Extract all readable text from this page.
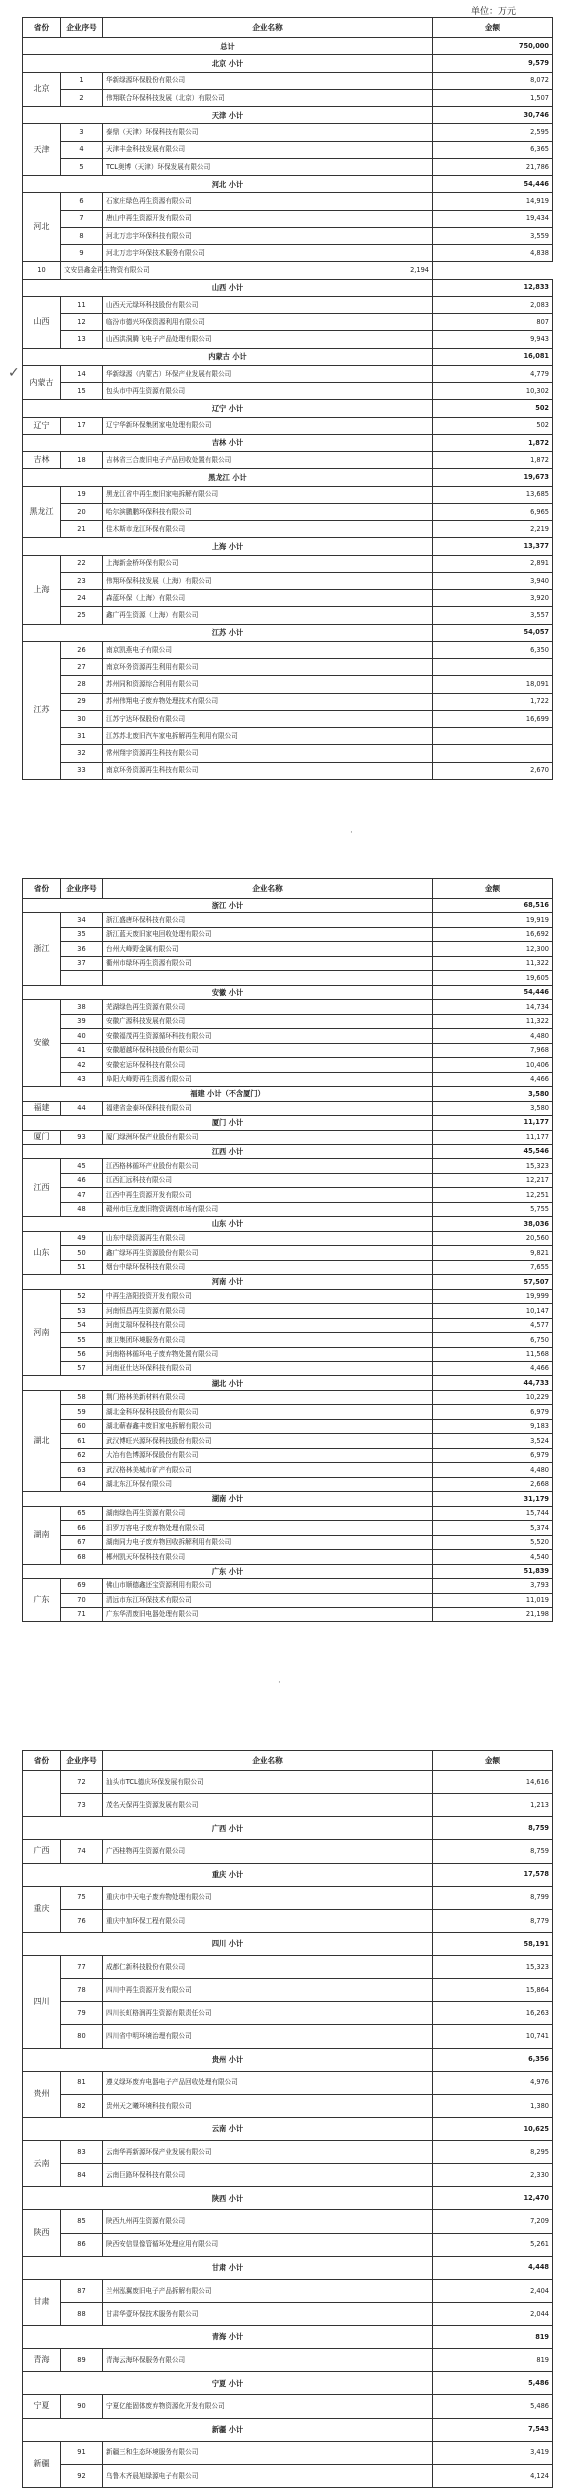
单位：万元
省份	企业序号	企业名称	金额
总计			750,000
北京 小计			9,579
北京	1	华新绿源环保股份有限公司	8,072
	2	伟翔联合环保科技发展（北京）有限公司	1,507
天津 小计			30,746
天津	3	泰鼎（天津）环保科技有限公司	2,595
	4	天津丰金科技发展有限公司	6,365
	5	TCL奥博（天津）环保发展有限公司	21,786
河北 小计			54,446
河北	6	石家庄绿色再生资源有限公司	14,919
	7	唐山中再生资源开发有限公司	19,434
	8	河北万忠宇环保科技有限公司	3,559
	9	河北万忠宇环保技术服务有限公司	4,838
10	文安县鑫金再生物资有限公司	2,194	
山西 小计			12,833
山西	11	山西天元绿环科技股份有限公司	2,083
	12	临汾市德兴环保资源利用有限公司	807
	13	山西洪洞腾飞电子产品处理有限公司	9,943
内蒙古 小计			16,081
内蒙古	14	华新绿源（内蒙古）环保产业发展有限公司	4,779
	15	包头市中再生资源有限公司	10,302
辽宁 小计			502
辽宁	17	辽宁华新环保集团家电处理有限公司	502
吉林 小计			1,872
吉林	18	吉林省三合废旧电子产品回收处置有限公司	1,872
黑龙江 小计			19,673
黑龙江	19	黑龙江省中再生废旧家电拆解有限公司	13,685
	20	哈尔滨鹏鹏环保科技有限公司	6,965
	21	佳木斯市龙江环保有限公司	2,219
上海 小计			13,377
上海	22	上海新金桥环保有限公司	2,891
	23	伟翔环保科技发展（上海）有限公司	3,940
	24	森蓝环保（上海）有限公司	3,920
	25	鑫广再生资源（上海）有限公司	3,557
江苏 小计			54,057
江苏	26	南京凯燕电子有限公司	6,350
	27	南京环务资源再生利用有限公司	
	28	苏州同和资源综合利用有限公司	18,091
	29	苏州伟翔电子废弃物处理技术有限公司	1,722
	30	江苏宁达环保股份有限公司	16,699
	31	江苏苏北废旧汽车家电拆解再生利用有限公司	
	32	常州翔宇资源再生科技有限公司	
	33	南京环务资源再生科技有限公司	2,670
·
省份	企业序号	企业名称	金额
浙江 小计			68,516
浙江	34	浙江盛唐环保科技有限公司	19,919
	35	浙江蓝天废旧家电回收处理有限公司	16,692
	36	台州大峰野金属有限公司	12,300
	37	衢州市绿环再生资源有限公司	11,322
			19,605
安徽 小计			54,446
安徽	38	芜湖绿色再生资源有限公司	14,734
	39	安徽广源科技发展有限公司	11,322
	40	安徽福茂再生资源循环科技有限公司	4,480
	41	安徽超越环保科技股份有限公司	7,968
	42	安徽宏运环保科技有限公司	10,406
	43	阜阳大峰野再生资源有限公司	4,466
福建 小计（不含厦门）			3,580
福建	44	福建省金泰环保科技有限公司	3,580
厦门 小计			11,177
厦门	93	厦门绿洲环保产业股份有限公司	11,177
江西 小计			45,546
江西	45	江西格林循环产业股份有限公司	15,323
	46	江西汇远科技有限公司	12,217
	47	江西中再生资源开发有限公司	12,251
	48	赣州市巨龙废旧物资调剂市场有限公司	5,755
山东 小计			38,036
山东	49	山东中绿资源再生有限公司	20,560
	50	鑫广绿环再生资源股份有限公司	9,821
	51	烟台中绿环保科技有限公司	7,655
河南 小计			57,507
河南	52	中再生洛阳投资开发有限公司	19,999
	53	河南恒昌再生资源有限公司	10,147
	54	河南艾瑞环保科技有限公司	4,577
	55	康卫集团环境服务有限公司	6,750
	56	河南格林循环电子废弃物处置有限公司	11,568
	57	河南亚仕达环保科技有限公司	4,466
湖北 小计			44,733
湖北	58	荆门格林美新材料有限公司	10,229
	59	湖北金科环保科技股份有限公司	6,979
	60	湖北蕲春鑫丰废旧家电拆解有限公司	9,183
	61	武汉博旺兴源环保科技股份有限公司	3,524
	62	大冶有色博源环保股份有限公司	6,979
	63	武汉格林美城市矿产有限公司	4,480
	64	湖北东江环保有限公司	2,668
湖南 小计			31,179
湖南	65	湖南绿色再生资源有限公司	15,744
	66	汨罗万容电子废弃物处理有限公司	5,374
	67	湖南同力电子废弃物回收拆解利用有限公司	5,520
	68	郴州凯天环保科技有限公司	4,540
广东 小计			51,839
广东	69	佛山市顺德鑫还宝资源利用有限公司	3,793
	70	清远市东江环保技术有限公司	11,019
	71	广东华清废旧电器处理有限公司	21,198
·
省份	企业序号	企业名称	金额
	72	汕头市TCL德庆环保发展有限公司	14,616
	73	茂名天保再生资源发展有限公司	1,213
广西 小计			8,759
广西	74	广西桂物再生资源有限公司	8,759
重庆 小计			17,578
重庆	75	重庆市中天电子废弃物处理有限公司	8,799
	76	重庆中加环保工程有限公司	8,779
四川 小计			58,191
四川	77	成都仁新科技股份有限公司	15,323
	78	四川中再生资源开发有限公司	15,864
	79	四川长虹格润再生资源有限责任公司	16,263
	80	四川省中明环境治理有限公司	10,741
贵州 小计			6,356
贵州	81	遵义绿环废弃电器电子产品回收处理有限公司	4,976
	82	贵州天之曦环境科技有限公司	1,380
云南 小计			10,625
云南	83	云南华再新源环保产业发展有限公司	8,295
	84	云南巨路环保科技有限公司	2,330
陕西 小计			12,470
陕西	85	陕西九州再生资源有限公司	7,209
	86	陕西安信显像管循环处理应用有限公司	5,261
甘肃 小计			4,448
甘肃	87	兰州泓翼废旧电子产品拆解有限公司	2,404
	88	甘肃华壹环保技术服务有限公司	2,044
青海 小计			819
青海	89	青海云海环保服务有限公司	819
宁夏 小计			5,486
宁夏	90	宁夏亿能固体废弃物资源化开发有限公司	5,486
新疆 小计			7,543
新疆	91	新疆三和生态环境服务有限公司	3,419
	92	乌鲁木齐晨旭绿源电子有限公司	4,124
✓
